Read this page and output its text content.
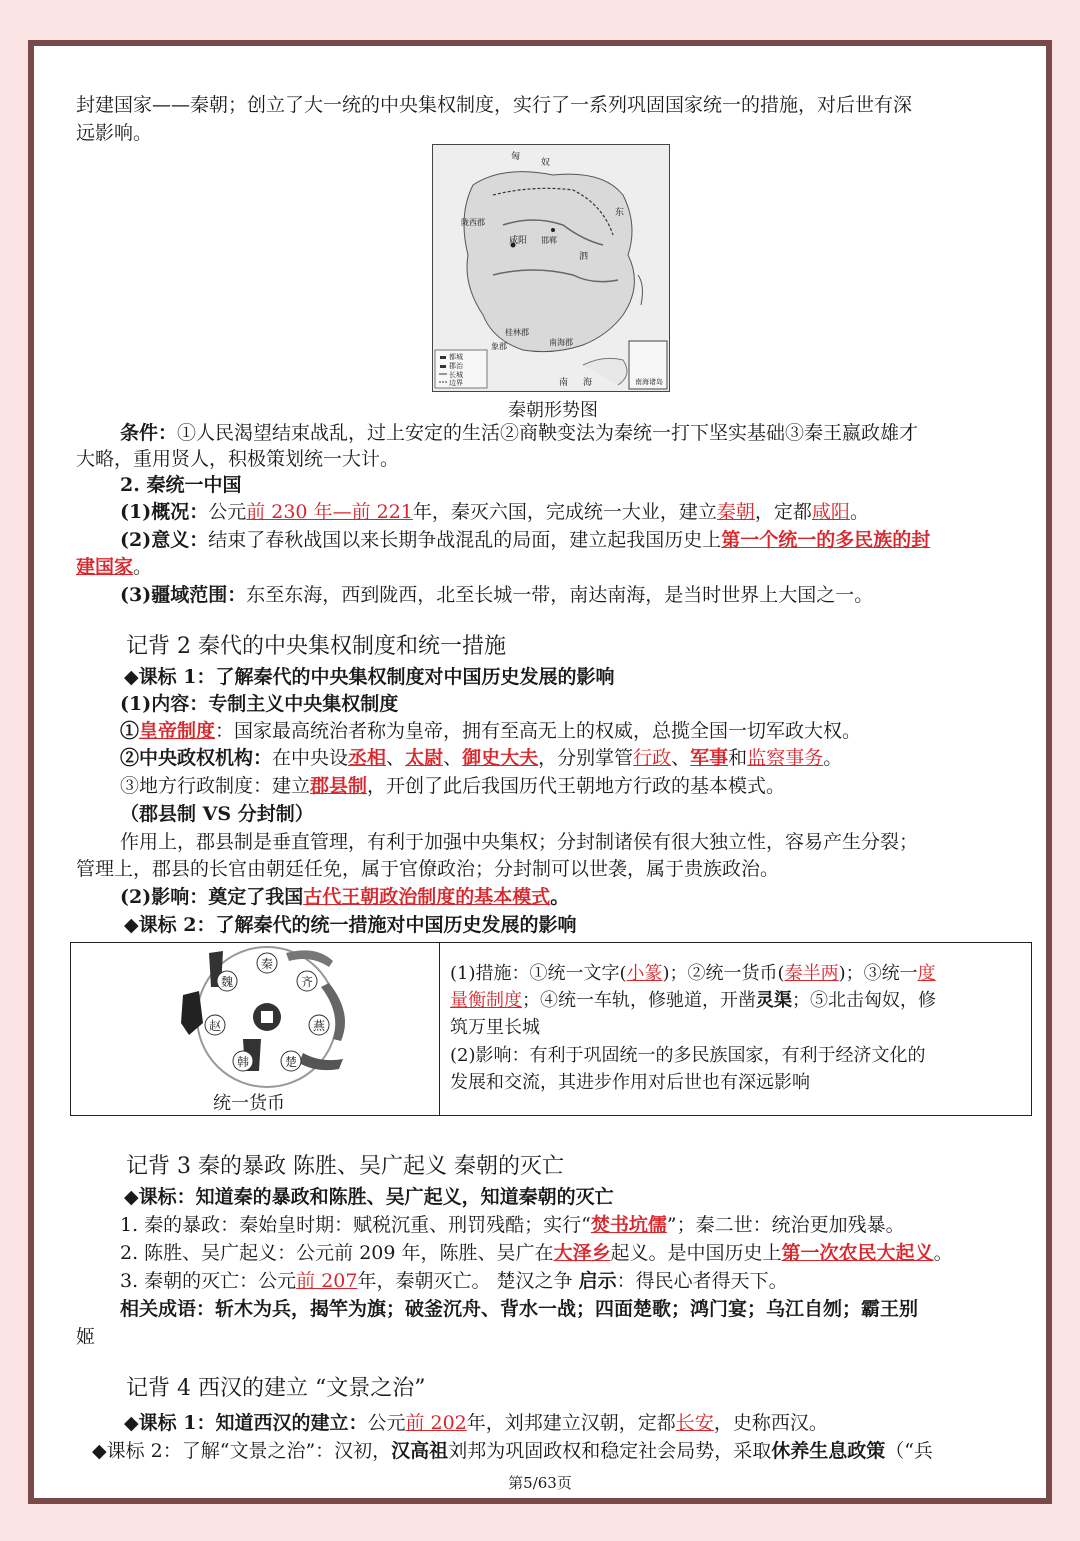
封建国家——秦朝；创立了大一统的中央集权制度，实行了一系列巩固国家统一的措施，对后世有深
远影响。
匈
奴
东
陇西郡
咸阳 邯郸
泗
南海郡
桂林郡
象郡
南 海
都城
郡治
长城
边界	南海诸岛
秦朝形势图
条件：①人民渴望结束战乱，过上安定的生活②商鞅变法为秦统一打下坚实基础③秦王嬴政雄才
大略，重用贤人，积极策划统一大计。
2. 秦统一中国
(1)概况：公元前 230 年—前 221年，秦灭六国，完成统一大业，建立秦朝，定都咸阳。
(2)意义：结束了春秋战国以来长期争战混乱的局面，建立起我国历史上第一个统一的多民族的封
建国家。
(3)疆域范围：东至东海，西到陇西，北至长城一带，南达南海，是当时世界上大国之一。
记背 2 秦代的中央集权制度和统一措施
◆课标 1：了解秦代的中央集权制度对中国历史发展的影响
(1)内容：专制主义中央集权制度
①皇帝制度：国家最高统治者称为皇帝，拥有至高无上的权威，总揽全国一切军政大权。
②中央政权机构：在中央设丞相、太尉、御史大夫，分别掌管行政、军事和监察事务。
③地方行政制度：建立郡县制，开创了此后我国历代王朝地方行政的基本模式。
（郡县制 VS 分封制）
作用上，郡县制是垂直管理，有利于加强中央集权；分封制诸侯有很大独立性，容易产生分裂；
管理上，郡县的长官由朝廷任免，属于官僚政治；分封制可以世袭，属于贵族政治。
(2)影响：奠定了我国古代王朝政治制度的基本模式。
◆课标 2：了解秦代的统一措施对中国历史发展的影响
秦
齐
燕
楚
韩
赵
魏
统一货币

(1)措施：①统一文字(小篆)；②统一货币(秦半两)；③统一度
量衡制度；④统一车轨，修驰道，开凿灵渠；⑤北击匈奴，修
筑万里长城
(2)影响：有利于巩固统一的多民族国家，有利于经济文化的
发展和交流，其进步作用对后世也有深远影响
记背 3 秦的暴政 陈胜、吴广起义 秦朝的灭亡
◆课标：知道秦的暴政和陈胜、吴广起义，知道秦朝的灭亡
1. 秦的暴政：秦始皇时期：赋税沉重、刑罚残酷；实行“焚书坑儒”；秦二世：统治更加残暴。
2. 陈胜、吴广起义：公元前 209 年，陈胜、吴广在大泽乡起义。是中国历史上第一次农民大起义。
3. 秦朝的灭亡：公元前 207年，秦朝灭亡。 楚汉之争 启示：得民心者得天下。
相关成语：斩木为兵，揭竿为旗；破釜沉舟、背水一战；四面楚歌；鸿门宴；乌江自刎；霸王别
姬
记背 4 西汉的建立 “文景之治”
◆课标 1：知道西汉的建立：公元前 202年，刘邦建立汉朝，定都长安，史称西汉。
◆课标 2：了解“文景之治”：汉初，汉高祖刘邦为巩固政权和稳定社会局势，采取休养生息政策（“兵
第5/63页
